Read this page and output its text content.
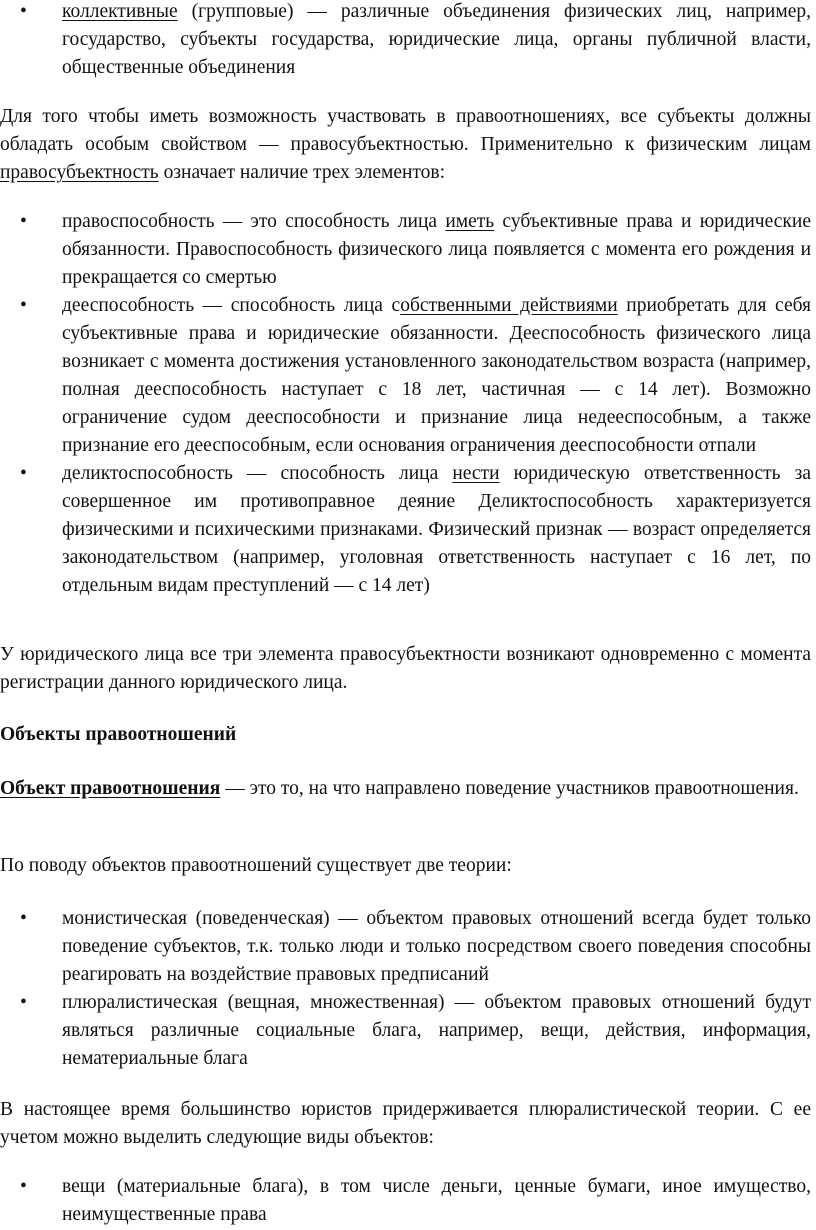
• коллективные (групповые) — различные объединения физических лиц, например, государство, субъекты государства, юридические лица, органы публичной власти, общественные объединения

Для того чтобы иметь возможность участвовать в правоотношениях, все субъекты должны обладать особым свойством — правосубъектностью. Применительно к физическим лицам правосубъектность означает наличие трех элементов:

• правоспособность — это способность лица иметь субъективные права и юридические обязанности. Правоспособность физического лица появляется с момента его рождения и прекращается со смертью
• дееспособность — способность лица собственными действиями приобретать для себя субъективные права и юридические обязанности. Дееспособность физического лица возникает с момента достижения установленного законодательством возраста (например, полная дееспособность наступает с 18 лет, частичная — с 14 лет). Возможно ограничение судом дееспособности и признание лица недееспособным, а также признание его дееспособным, если основания ограничения дееспособности отпали
• деликтоспособность — способность лица нести юридическую ответственность за совершенное им противоправное деяние Деликтоспособность характеризуется физическими и психическими признаками. Физический признак — возраст определяется законодательством (например, уголовная ответственность наступает с 16 лет, по отдельным видам преступлений — с 14 лет)

У юридического лица все три элемента правосубъектности возникают одновременно с момента регистрации данного юридического лица.

Объекты правоотношений

Объект правоотношения — это то, на что направлено поведение участников правоотношения.

По поводу объектов правоотношений существует две теории:

• монистическая (поведенческая) — объектом правовых отношений всегда будет только поведение субъектов, т.к. только люди и только посредством своего поведения способны реагировать на воздействие правовых предписаний
• плюралистическая (вещная, множественная) — объектом правовых отношений будут являться различные социальные блага, например, вещи, действия, информация, нематериальные блага

В настоящее время большинство юристов придерживается плюралистической теории. С ее учетом можно выделить следующие виды объектов:

• вещи (материальные блага), в том числе деньги, ценные бумаги, иное имущество, неимущественные права
